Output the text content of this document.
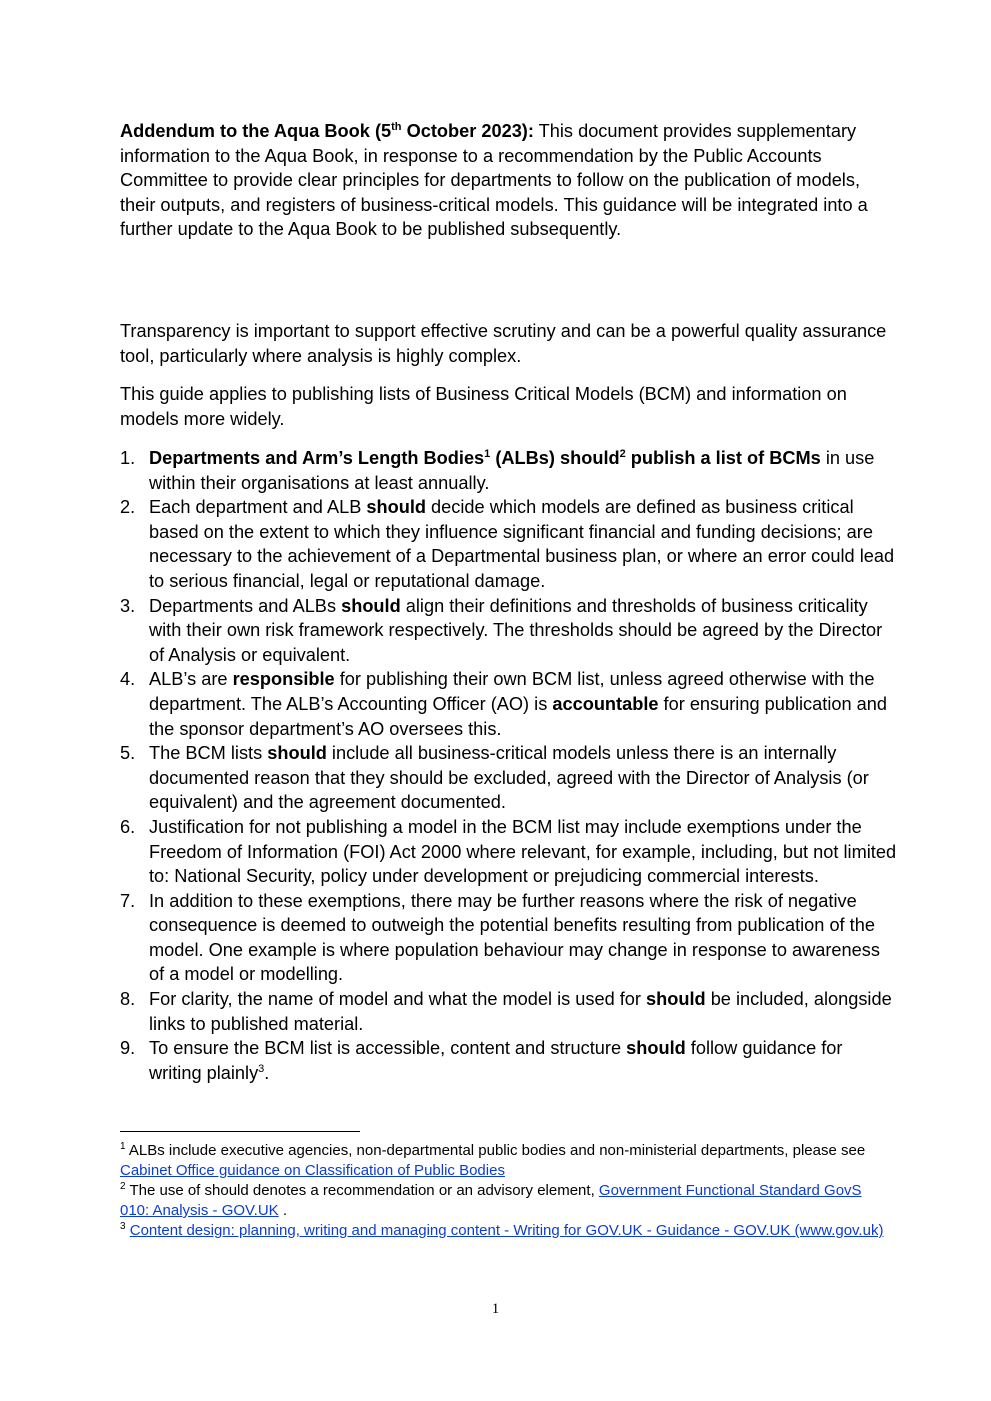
Addendum to the Aqua Book (5th October 2023): This document provides supplementary information to the Aqua Book, in response to a recommendation by the Public Accounts Committee to provide clear principles for departments to follow on the publication of models, their outputs, and registers of business-critical models. This guidance will be integrated into a further update to the Aqua Book to be published subsequently.

Transparency is important to support effective scrutiny and can be a powerful quality assurance tool, particularly where analysis is highly complex.

This guide applies to publishing lists of Business Critical Models (BCM) and information on models more widely.

1. Departments and Arm’s Length Bodies$^1$ (ALBs) should$^2$ publish a list of BCMs in use within their organisations at least annually.
2. Each department and ALB should decide which models are defined as business critical based on the extent to which they influence significant financial and funding decisions; are necessary to the achievement of a Departmental business plan, or where an error could lead to serious financial, legal or reputational damage.
3. Departments and ALBs should align their definitions and thresholds of business criticality with their own risk framework respectively. The thresholds should be agreed by the Director of Analysis or equivalent.
4. ALB’s are responsible for publishing their own BCM list, unless agreed otherwise with the department. The ALB’s Accounting Officer (AO) is accountable for ensuring publication and the sponsor department’s AO oversees this.
5. The BCM lists should include all business-critical models unless there is an internally documented reason that they should be excluded, agreed with the Director of Analysis (or equivalent) and the agreement documented.
6. Justification for not publishing a model in the BCM list may include exemptions under the Freedom of Information (FOI) Act 2000 where relevant, for example, including, but not limited to: National Security, policy under development or prejudicing commercial interests.
7. In addition to these exemptions, there may be further reasons where the risk of negative consequence is deemed to outweigh the potential benefits resulting from publication of the model. One example is where population behaviour may change in response to awareness of a model or modelling.
8. For clarity, the name of model and what the model is used for should be included, alongside links to published material.
9. To ensure the BCM list is accessible, content and structure should follow guidance for writing plainly$^3$.

$^1$ ALBs include executive agencies, non-departmental public bodies and non-ministerial departments, please see Cabinet Office guidance on Classification of Public Bodies

$^2$ The use of should denotes a recommendation or an advisory element, Government Functional Standard GovS 010: Analysis - GOV.UK .

$^3$ Content design: planning, writing and managing content - Writing for GOV.UK - Guidance - GOV.UK (www.gov.uk)

1
